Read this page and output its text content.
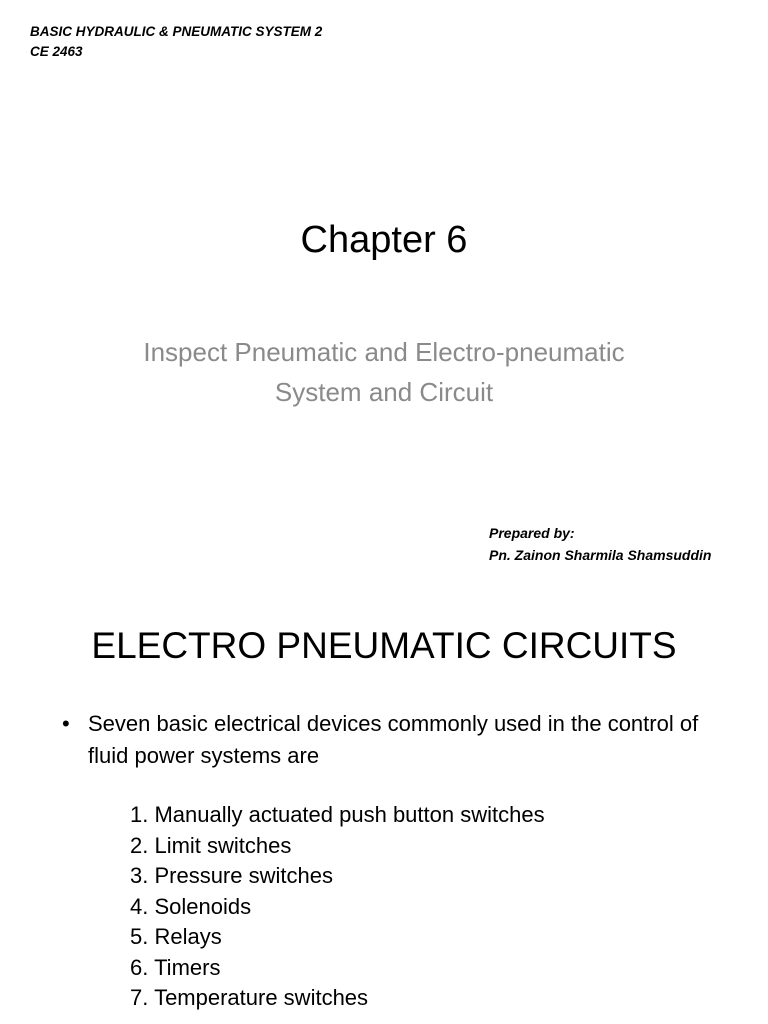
BASIC HYDRAULIC & PNEUMATIC SYSTEM 2
CE 2463
Chapter 6
Inspect Pneumatic and Electro-pneumatic System and Circuit
Prepared by:
Pn. Zainon Sharmila Shamsuddin
ELECTRO PNEUMATIC CIRCUITS
• Seven basic electrical devices commonly used in the control of fluid power systems are
1. Manually actuated push button switches
2. Limit switches
3. Pressure switches
4. Solenoids
5. Relays
6. Timers
7. Temperature switches
